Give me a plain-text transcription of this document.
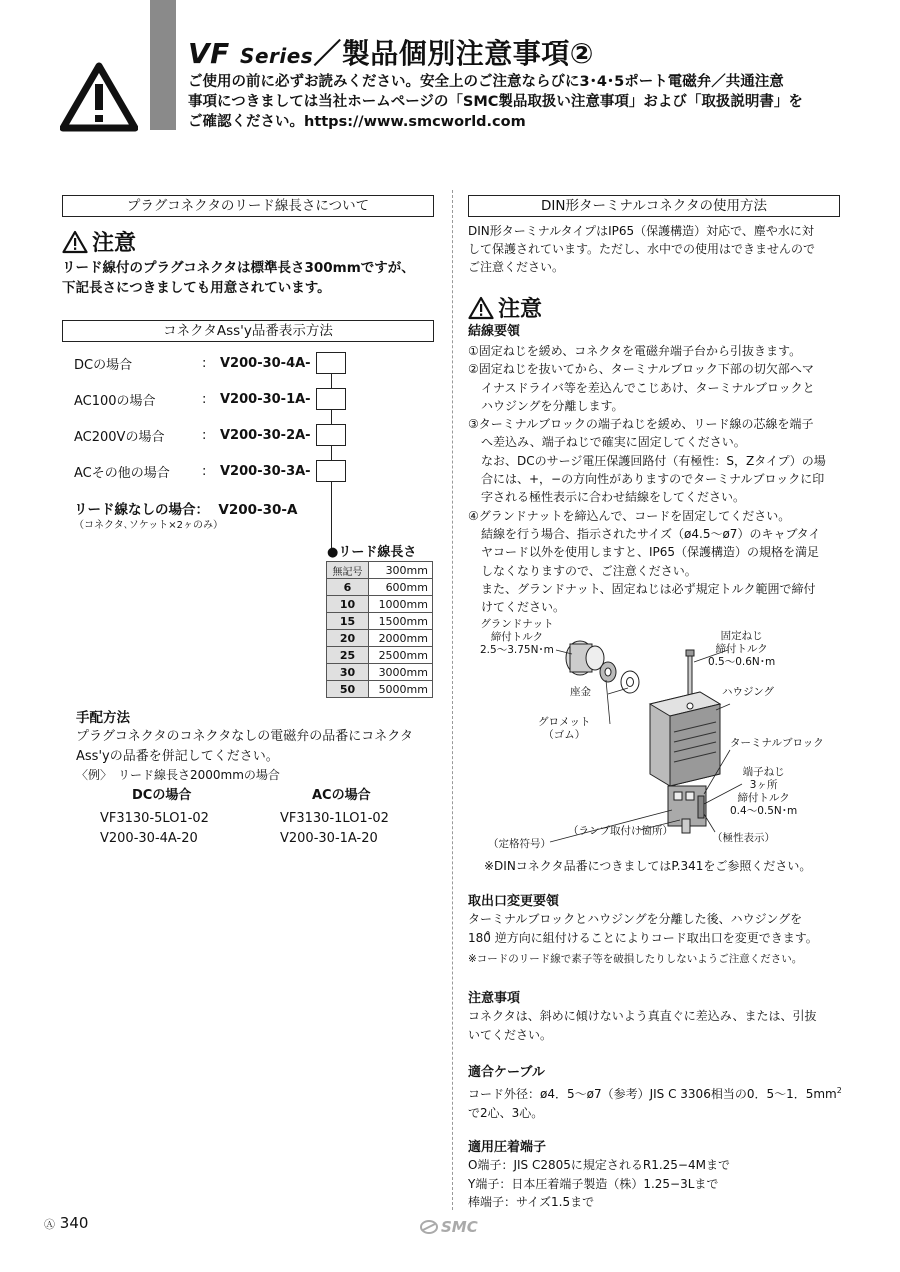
VF Series／製品個別注意事項②
ご使用の前に必ずお読みください。安全上のご注意ならびに3･4･5ポート電磁弁／共通注意
事項につきましては当社ホームページの「SMC製品取扱い注意事項」および「取扱説明書」を
ご確認ください。https://www.smcworld.com
プラグコネクタのリード線長さについて
注意
リード線付のプラグコネクタは標準長さ300mmですが、
下記長さにつきましても用意されています。
コネクタAss'y品番表示方法
DCの場合	:	V200-30-4A-
AC100の場合	:	V200-30-1A-
AC200Vの場合	:	V200-30-2A-
ACその他の場合	:	V200-30-3A-
リード線なしの場合： V200-30-A
（コネクタ､ソケット×2ヶのみ）
●リード線長さ
無記号	300mm
6	600mm
10	1000mm
15	1500mm
20	2000mm
25	2500mm
30	3000mm
50	5000mm
手配方法
プラグコネクタのコネクタなしの電磁弁の品番にコネクタ
Ass'yの品番を併記してください。
〈例〉　リード線長さ2000mmの場合
DCの場合	ACの場合
VF3130-5LO1-02	VF3130-1LO1-02
V200-30-4A-20	V200-30-1A-20
DIN形ターミナルコネクタの使用方法
DIN形ターミナルタイプはIP65（保護構造）対応で、塵や水に対
して保護されています。ただし、水中での使用はできませんので
ご注意ください。
注意
結線要領
①固定ねじを緩め、コネクタを電磁弁端子台から引抜きます。
②固定ねじを抜いてから、ターミナルブロック下部の切欠部へマ
イナスドライバ等を差込んでこじあけ、ターミナルブロックと
ハウジングを分離します。
③ターミナルブロックの端子ねじを緩め、リード線の芯線を端子
へ差込み、端子ねじで確実に固定してください。
なお、DCのサージ電圧保護回路付（有極性：S，Zタイプ）の場
合には、+，−の方向性がありますのでターミナルブロックに印
字される極性表示に合わせ結線をしてください。
④グランドナットを締込んで、コードを固定してください。
結線を行う場合、指示されたサイズ（ø4.5～ø7）のキャブタイ
ヤコード以外を使用しますと、IP65（保護構造）の規格を満足
しなくなりますので、ご注意ください。
また、グランドナット、固定ねじは必ず規定トルク範囲で締付
けてください。
グランドナット
締付トルク
2.5～3.75N･m
固定ねじ
締付トルク
0.5～0.6N･m
座金	ハウジング
グロメット
（ゴム）
ターミナルブロック
端子ねじ
3ヶ所
締付トルク
0.4～0.5N･m
（ランプ取付け箇所）
（定格符号）	（極性表示）
※DINコネクタ品番につきましてはP.341をご参照ください。
取出口変更要領
ターミナルブロックとハウジングを分離した後、ハウジングを
180̊ 逆方向に組付けることによりコード取出口を変更できます。
※コードのリード線で素子等を破損したりしないようご注意ください。
注意事項
コネクタは、斜めに傾けないよう真直ぐに差込み、または、引抜
いてください。
適合ケーブル
コード外径：ø4．5～ø7（参考）JIS C 3306相当の0．5～1．$5mm^2$
で2心、3心。
適用圧着端子
O端子：JIS C2805に規定されるR1.25−4Mまで
Y端子：日本圧着端子製造（株）1.25−3Lまで
棒端子：サイズ1.5まで
Ⓐ 340	SMC
